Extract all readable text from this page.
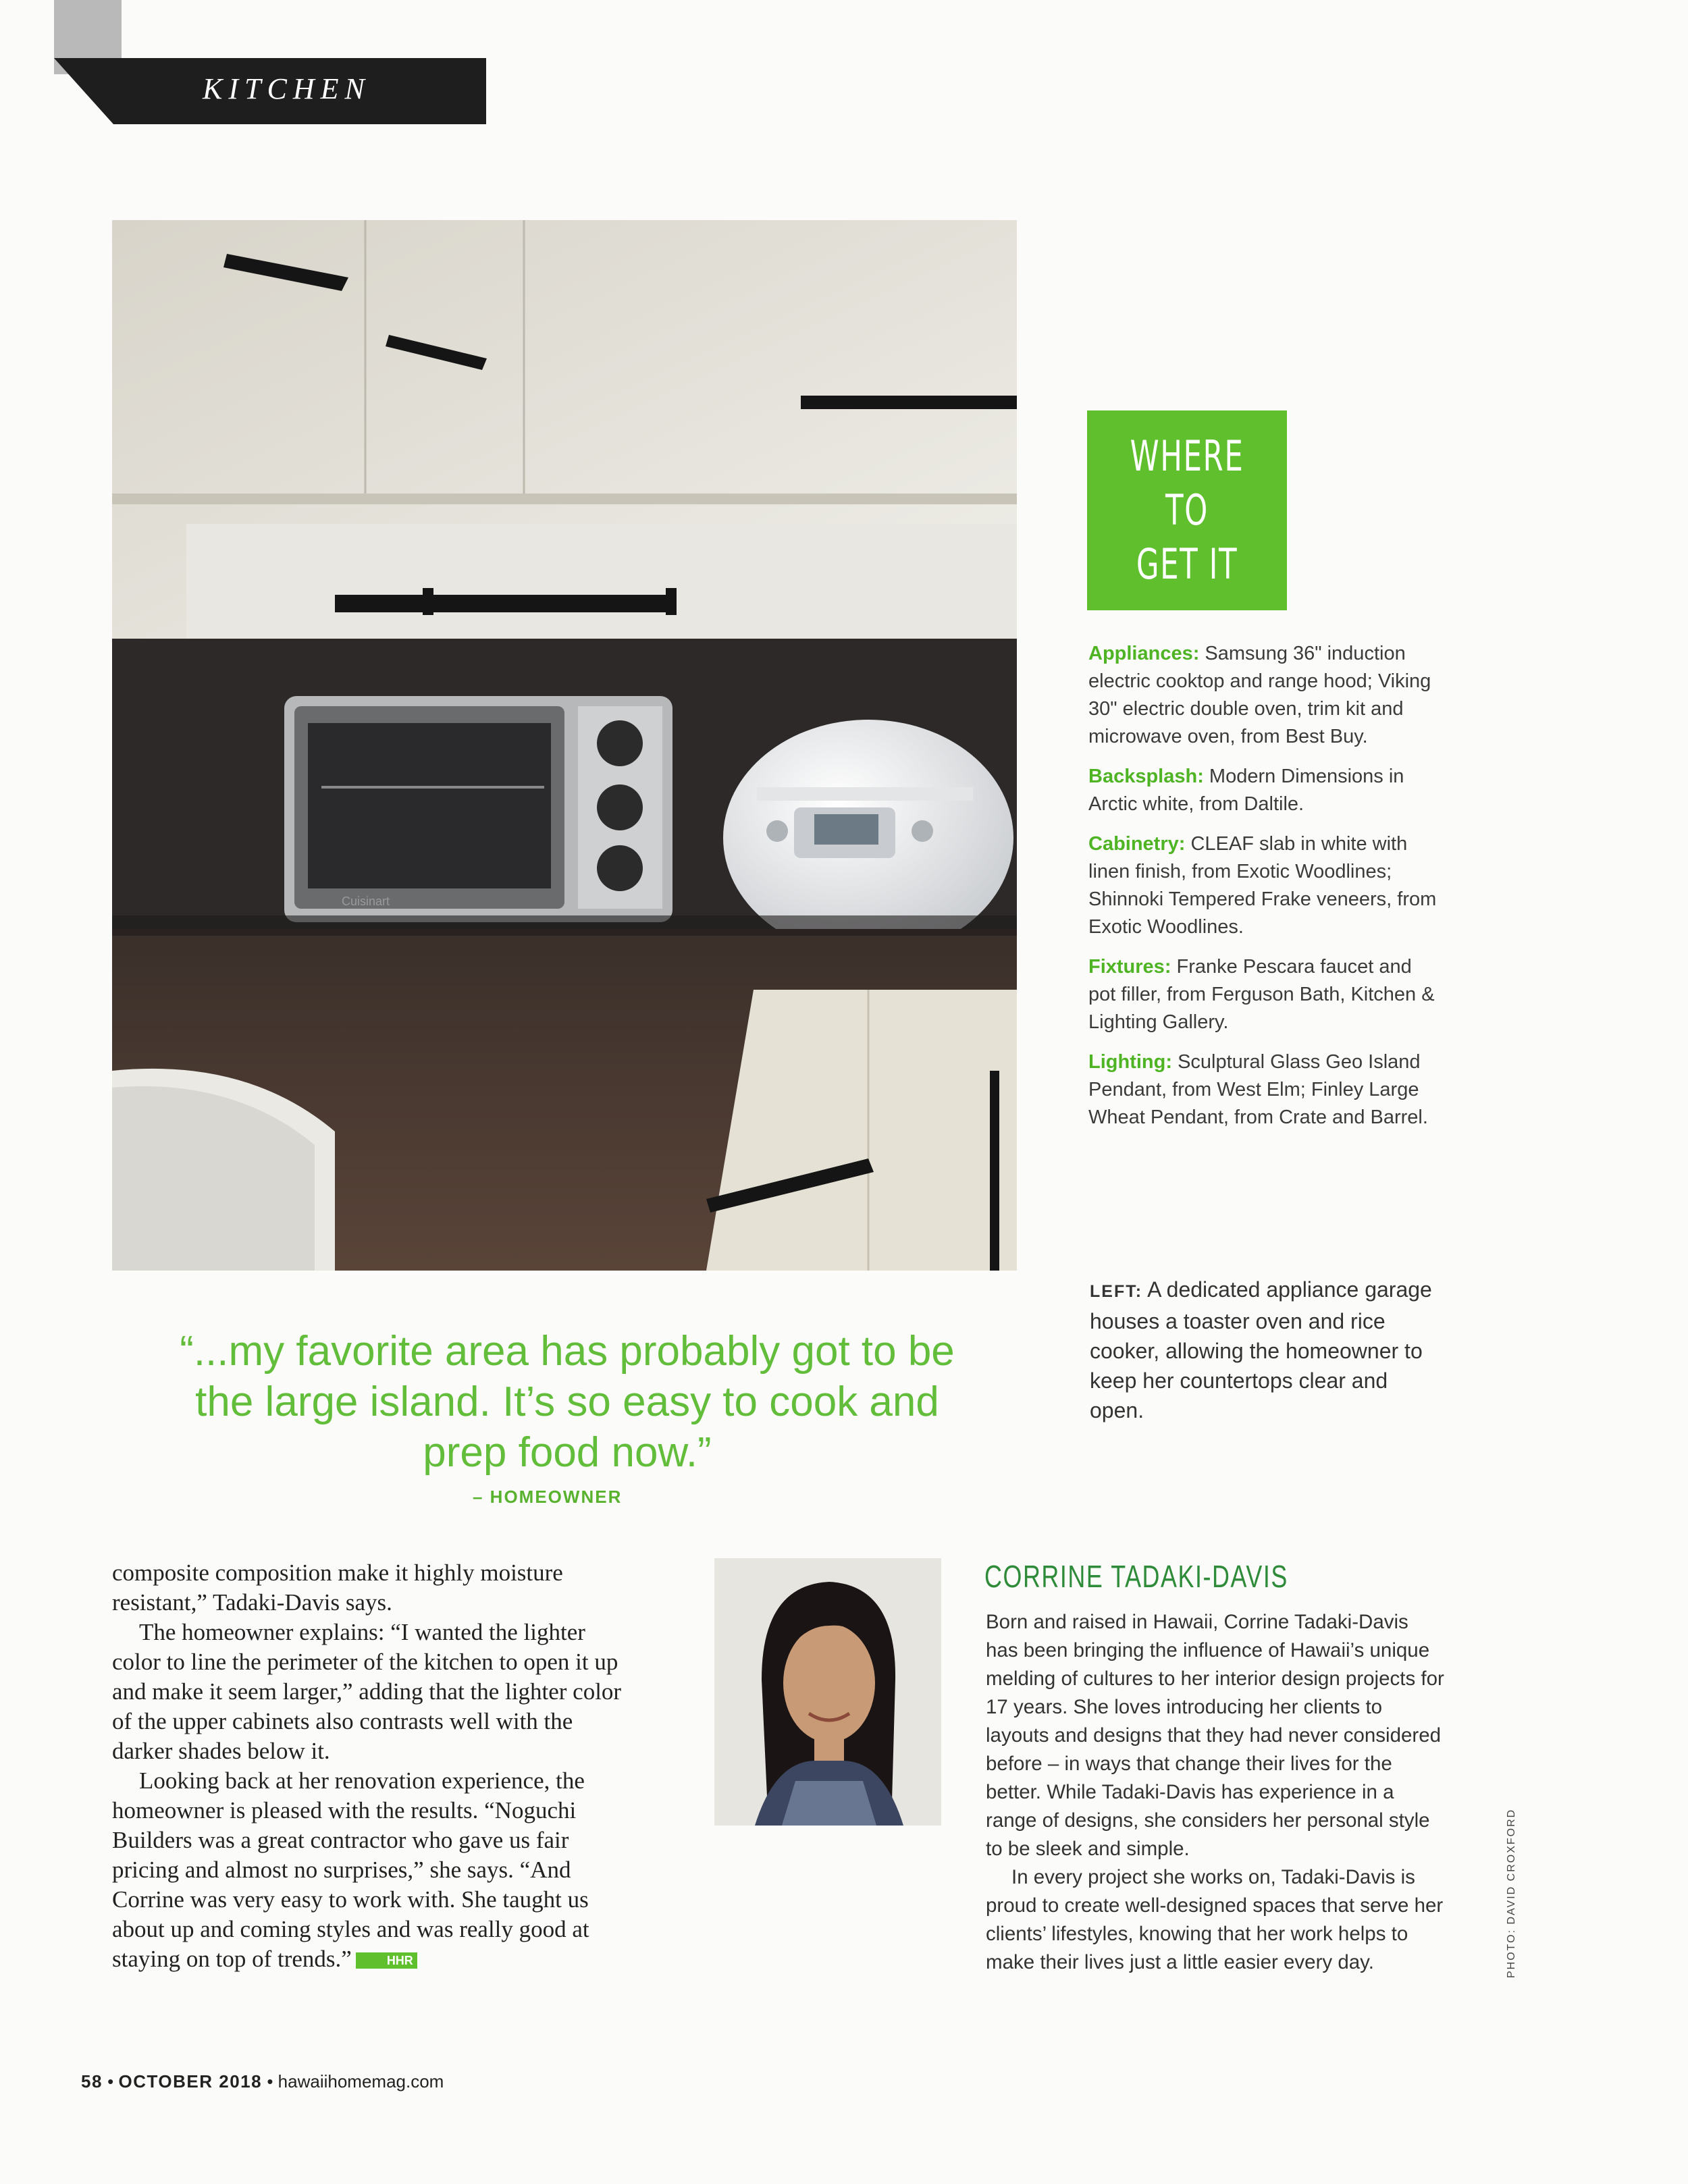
KITCHEN
Cuisinart
WHERE TO
GET IT
Appliances: Samsung 36" induction electric cooktop and range hood; Viking 30" electric double oven, trim kit and microwave oven, from Best Buy.
Backsplash: Modern Dimensions in Arctic white, from Daltile.
Cabinetry: CLEAF slab in white with linen finish, from Exotic Woodlines; Shinnoki Tempered Frake veneers, from Exotic Woodlines.
Fixtures: Franke Pescara faucet and pot filler, from Ferguson Bath, Kitchen & Lighting Gallery.
Lighting: Sculptural Glass Geo Island Pendant, from West Elm; Finley Large Wheat Pendant, from Crate and Barrel.
LEFT: A dedicated appliance garage houses a toaster oven and rice cooker, allowing the homeowner to keep her countertops clear and open.
“...my favorite area has probably got to be the large island. It’s so easy to cook and prep food now.”
– HOMEOWNER

composite composition make it highly moisture resistant,” Tadaki-Davis says.

The homeowner explains: “I wanted the lighter color to line the perimeter of the kitchen to open it up and make it seem larger,” adding that the lighter color of the upper cabinets also contrasts well with the darker shades below it.

Looking back at her renovation experience, the homeowner is pleased with the results. “Noguchi Builders was a great contractor who gave us fair pricing and almost no surprises,” she says. “And Corrine was very easy to work with. She taught us about up and coming styles and was really good at staying on top of trends.”	HHR

CORRINE TADAKI-DAVIS

Born and raised in Hawaii, Corrine Tadaki-Davis has been bringing the influence of Hawaii’s unique melding of cultures to her interior design projects for 17 years. She loves introducing her clients to layouts and designs that they had never considered before – in ways that change their lives for the better. While Tadaki-Davis has experience in a range of designs, she considers her personal style to be sleek and simple.

In every project she works on, Tadaki-Davis is proud to create well-designed spaces that serve her clients’ lifestyles, knowing that her work helps to make their lives just a little easier every day.	PHOTO: DAVID CROXFORD
58 • OCTOBER 2018 • hawaiihomemag.com
